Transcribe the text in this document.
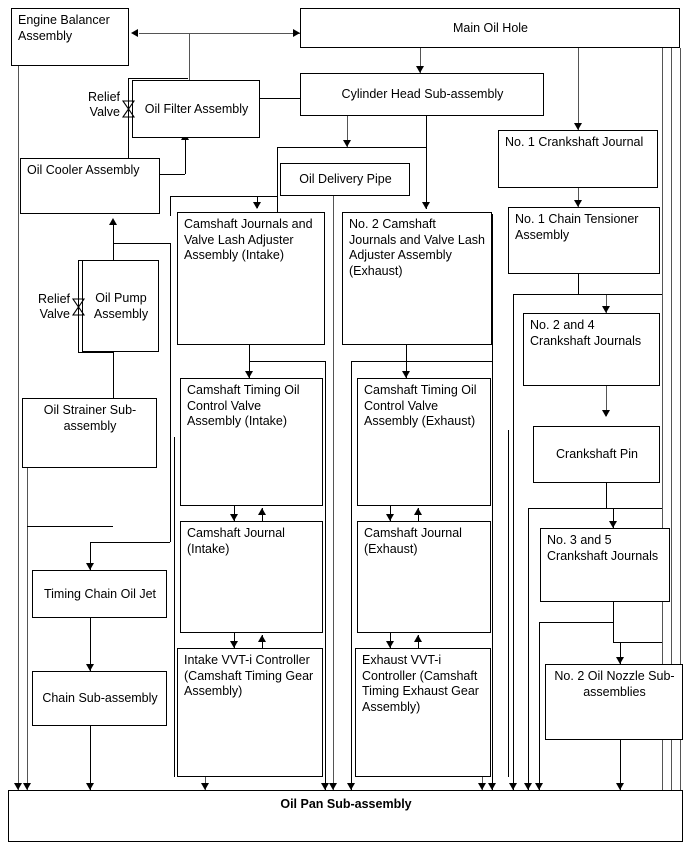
Relief
Valve
Relief
Valve
Engine Balancer Assembly
Main Oil Hole
Oil Filter Assembly
Cylinder Head Sub-assembly
Oil Cooler Assembly
Oil Delivery Pipe
No. 1 Crankshaft Journal
Camshaft Journals and Valve Lash Adjuster Assembly (Intake)
No. 2 Camshaft Journals and Valve Lash Adjuster Assembly (Exhaust)
No. 1 Chain Tensioner Assembly
Oil Pump Assembly
No. 2 and 4 Crankshaft Journals
Camshaft Timing Oil Control Valve Assembly (Intake)
Camshaft Timing Oil Control Valve Assembly (Exhaust)
Crankshaft Pin
Oil Strainer Sub-assembly
Camshaft Journal (Intake)
Camshaft Journal (Exhaust)
No. 3 and 5 Crankshaft Journals
Timing Chain Oil Jet
Intake VVT-i Controller (Camshaft Timing Gear Assembly)
Exhaust VVT-i Controller (Camshaft Timing Exhaust Gear Assembly)
Chain Sub-assembly
No. 2 Oil Nozzle Sub-assemblies
Oil Pan Sub-assembly
